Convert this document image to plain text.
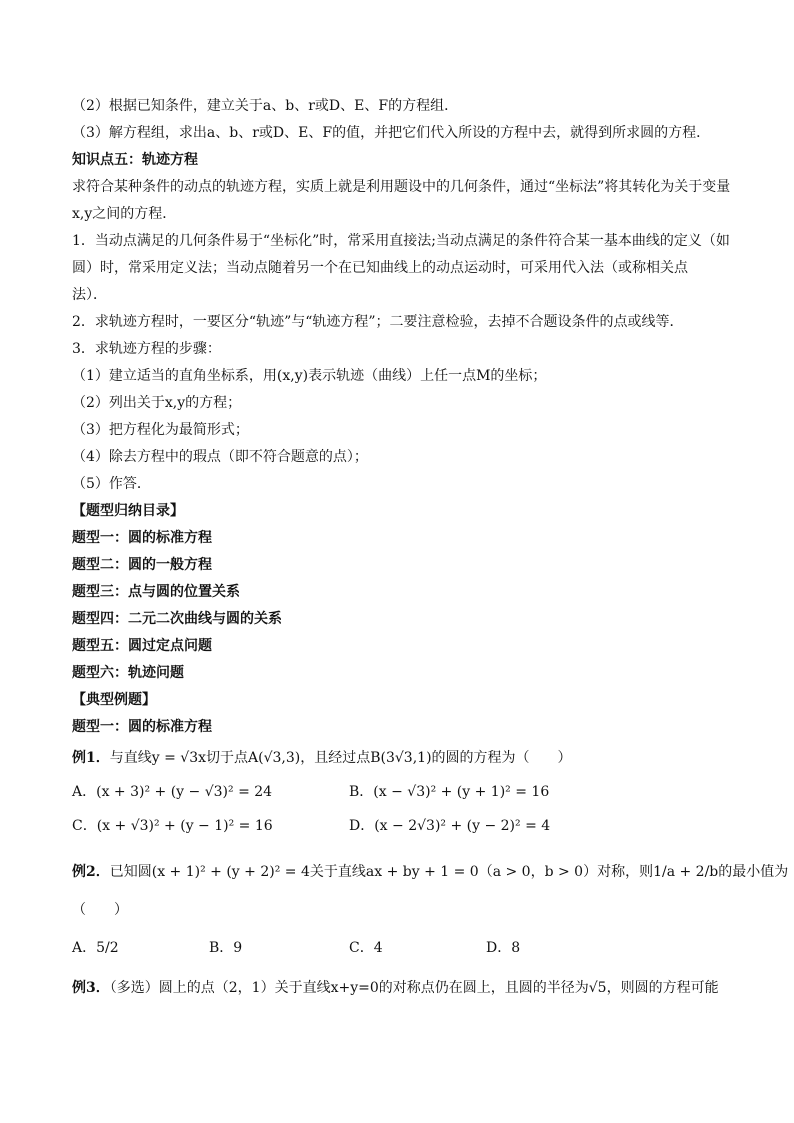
（2）根据已知条件，建立关于a、b、r或D、E、F的方程组．
（3）解方程组，求出a、b、r或D、E、F的值，并把它们代入所设的方程中去，就得到所求圆的方程．
知识点五：轨迹方程
求符合某种条件的动点的轨迹方程，实质上就是利用题设中的几何条件，通过“坐标法”将其转化为关于变量
x,y之间的方程．
1．当动点满足的几何条件易于“坐标化”时，常采用直接法;当动点满足的条件符合某一基本曲线的定义（如
圆）时，常采用定义法；当动点随着另一个在已知曲线上的动点运动时，可采用代入法（或称相关点
法）．
2．求轨迹方程时，一要区分“轨迹”与“轨迹方程”；二要注意检验，去掉不合题设条件的点或线等．
3．求轨迹方程的步骤：
（1）建立适当的直角坐标系，用(x,y)表示轨迹（曲线）上任一点M的坐标；
（2）列出关于x,y的方程；
（3）把方程化为最简形式；
（4）除去方程中的瑕点（即不符合题意的点）；
（5）作答．
【题型归纳目录】
题型一：圆的标准方程
题型二：圆的一般方程
题型三：点与圆的位置关系
题型四：二元二次曲线与圆的关系
题型五：圆过定点问题
题型六：轨迹问题
【典型例题】
题型一：圆的标准方程
例1．与直线y = √3x切于点A(√3,3)，且经过点B(3√3,1)的圆的方程为（　　）
A．(x + 3)² + (y − √3)² = 24	B．(x − √3)² + (y + 1)² = 16
C．(x + √3)² + (y − 1)² = 16	D．(x − 2√3)² + (y − 2)² = 4
例2．已知圆(x + 1)² + (y + 2)² = 4关于直线ax + by + 1 = 0（a > 0，b > 0）对称，则1/a + 2/b的最小值为
（　　）
A．5/2	B．9	C．4	D．8
例3．（多选）圆上的点（2，1）关于直线x+y=0的对称点仍在圆上，且圆的半径为√5，则圆的方程可能
